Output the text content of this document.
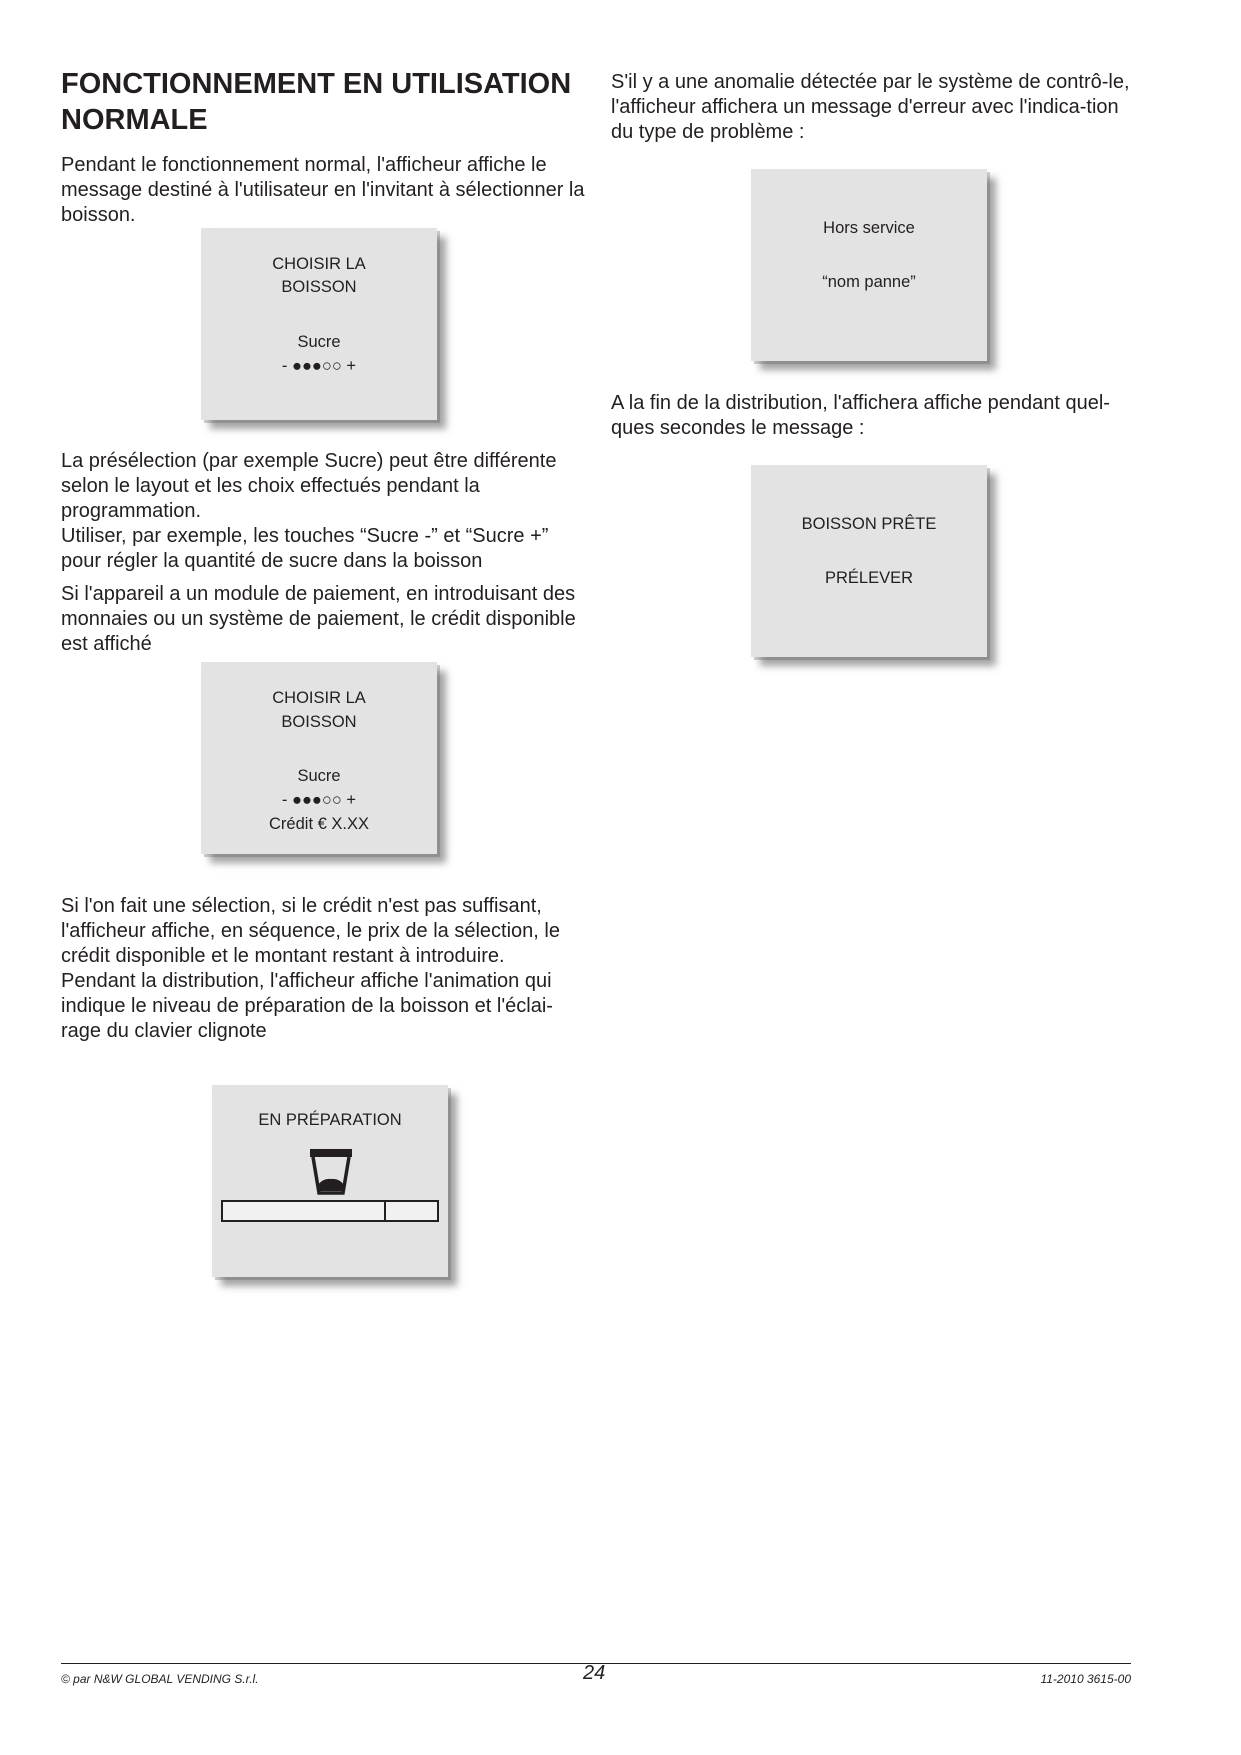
FONCTIONNEMENT EN UTILISATION NORMALE

Pendant le fonctionnement normal, l'afficheur affiche le message destiné à l'utilisateur en l'invitant à sélectionner la boisson.

CHOISIR LA
BOISSON
Sucre
- ●●●○○ +

La présélection (par exemple Sucre) peut être différente selon le layout et les choix effectués pendant la programmation.

Utiliser, par exemple, les touches “Sucre -” et “Sucre +” pour régler la quantité de sucre dans la boisson

Si l'appareil a un module de paiement, en introduisant des monnaies ou un système de paiement, le crédit disponible est affiché

CHOISIR LA
BOISSON
Sucre
- ●●●○○ +
Crédit € X.XX

Si l'on fait une sélection, si le crédit n'est pas suffisant, l'afficheur affiche, en séquence, le prix de la sélection, le crédit disponible et le montant restant à introduire.

Pendant la distribution, l'afficheur affiche l'animation qui indique le niveau de préparation de la boisson et l'éclai-rage du clavier clignote

EN PRÉPARATION

S'il y a une anomalie détectée par le système de contrô-le, l'afficheur affichera un message d'erreur avec l'indica-tion du type de problème :

Hors service
“nom panne”

A la fin de la distribution, l'affichera affiche pendant quel-ques secondes le message :

BOISSON PRÊTE
PRÉLEVER
© par N&W GLOBAL VENDING S.r.l.	24	11-2010 3615-00
